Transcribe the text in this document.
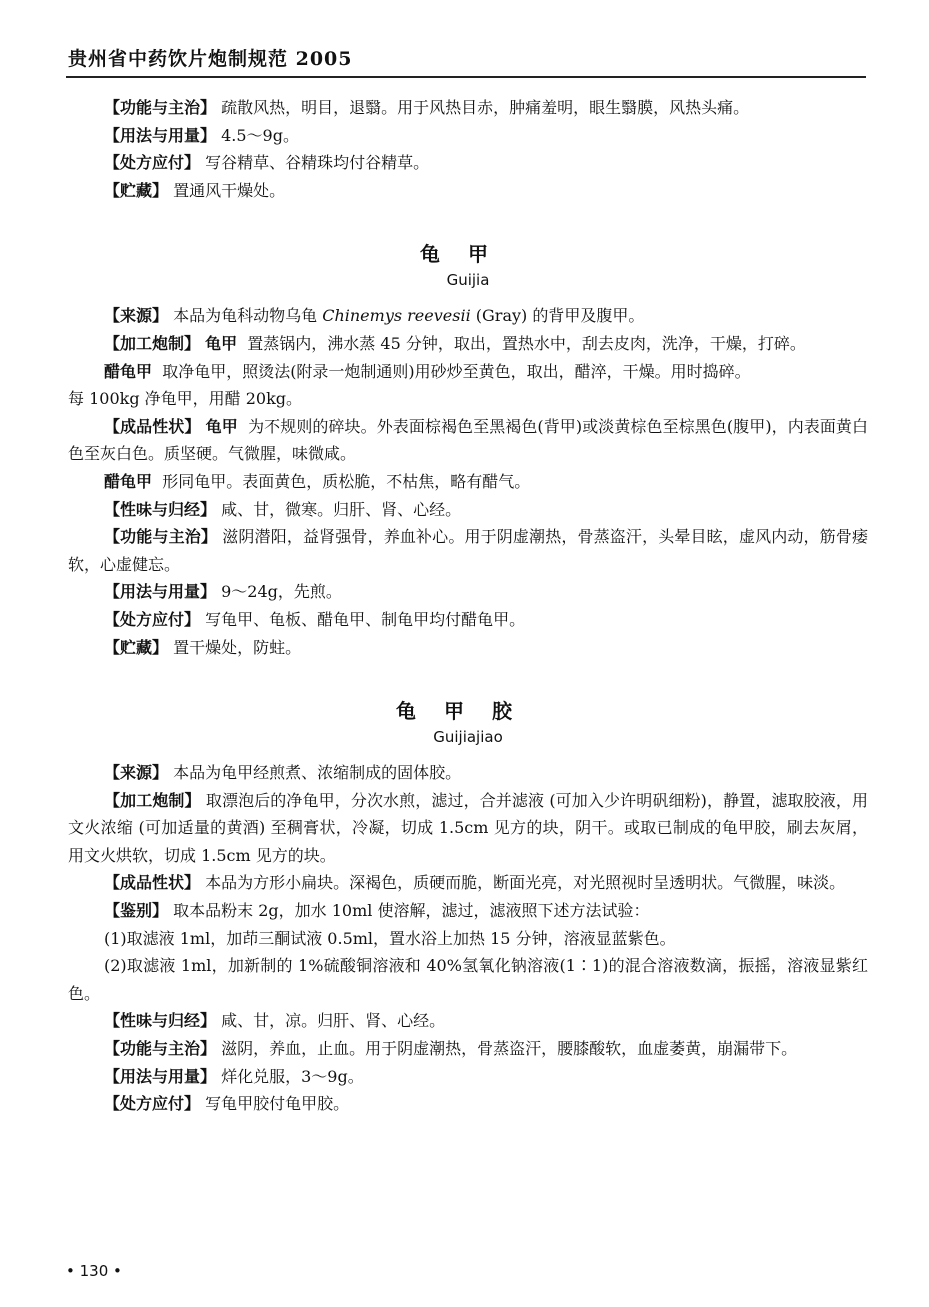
贵州省中药饮片炮制规范 2005

【功能与主治】 疏散风热，明目，退翳。用于风热目赤，肿痛羞明，眼生翳膜，风热头痛。

【用法与用量】 4.5～9g。

【处方应付】 写谷精草、谷精珠均付谷精草。

【贮藏】 置通风干燥处。

龟甲

Guijia

【来源】 本品为龟科动物乌龟 Chinemys reevesii (Gray) 的背甲及腹甲。

【加工炮制】 龟甲 置蒸锅内，沸水蒸 45 分钟，取出，置热水中，刮去皮肉，洗净，干燥，打碎。

醋龟甲 取净龟甲，照烫法(附录一炮制通则)用砂炒至黄色，取出，醋淬，干燥。用时捣碎。

每 100kg 净龟甲，用醋 20kg。

【成品性状】 龟甲 为不规则的碎块。外表面棕褐色至黑褐色(背甲)或淡黄棕色至棕黑色(腹甲)，内表面黄白色至灰白色。质坚硬。气微腥，味微咸。

醋龟甲 形同龟甲。表面黄色，质松脆，不枯焦，略有醋气。

【性味与归经】 咸、甘，微寒。归肝、肾、心经。

【功能与主治】 滋阴潜阳，益肾强骨，养血补心。用于阴虚潮热，骨蒸盗汗，头晕目眩，虚风内动，筋骨痿软，心虚健忘。

【用法与用量】 9～24g，先煎。

【处方应付】 写龟甲、龟板、醋龟甲、制龟甲均付醋龟甲。

【贮藏】 置干燥处，防蛀。

龟甲胶

Guijiajiao

【来源】 本品为龟甲经煎煮、浓缩制成的固体胶。

【加工炮制】 取漂泡后的净龟甲，分次水煎，滤过，合并滤液 (可加入少许明矾细粉)，静置，滤取胶液，用文火浓缩 (可加适量的黄酒) 至稠膏状，冷凝，切成 1.5cm 见方的块，阴干。或取已制成的龟甲胶，刷去灰屑，用文火烘软，切成 1.5cm 见方的块。

【成品性状】 本品为方形小扁块。深褐色，质硬而脆，断面光亮，对光照视时呈透明状。气微腥，味淡。

【鉴别】 取本品粉末 2g，加水 10ml 使溶解，滤过，滤液照下述方法试验：

(1)取滤液 1ml，加茚三酮试液 0.5ml，置水浴上加热 15 分钟，溶液显蓝紫色。

(2)取滤液 1ml，加新制的 1%硫酸铜溶液和 40%氢氧化钠溶液(1∶1)的混合溶液数滴，振摇，溶液显紫红色。

【性味与归经】 咸、甘，凉。归肝、肾、心经。

【功能与主治】 滋阴，养血，止血。用于阴虚潮热，骨蒸盗汗，腰膝酸软，血虚萎黄，崩漏带下。

【用法与用量】 烊化兑服，3～9g。

【处方应付】 写龟甲胶付龟甲胶。

• 130 •
